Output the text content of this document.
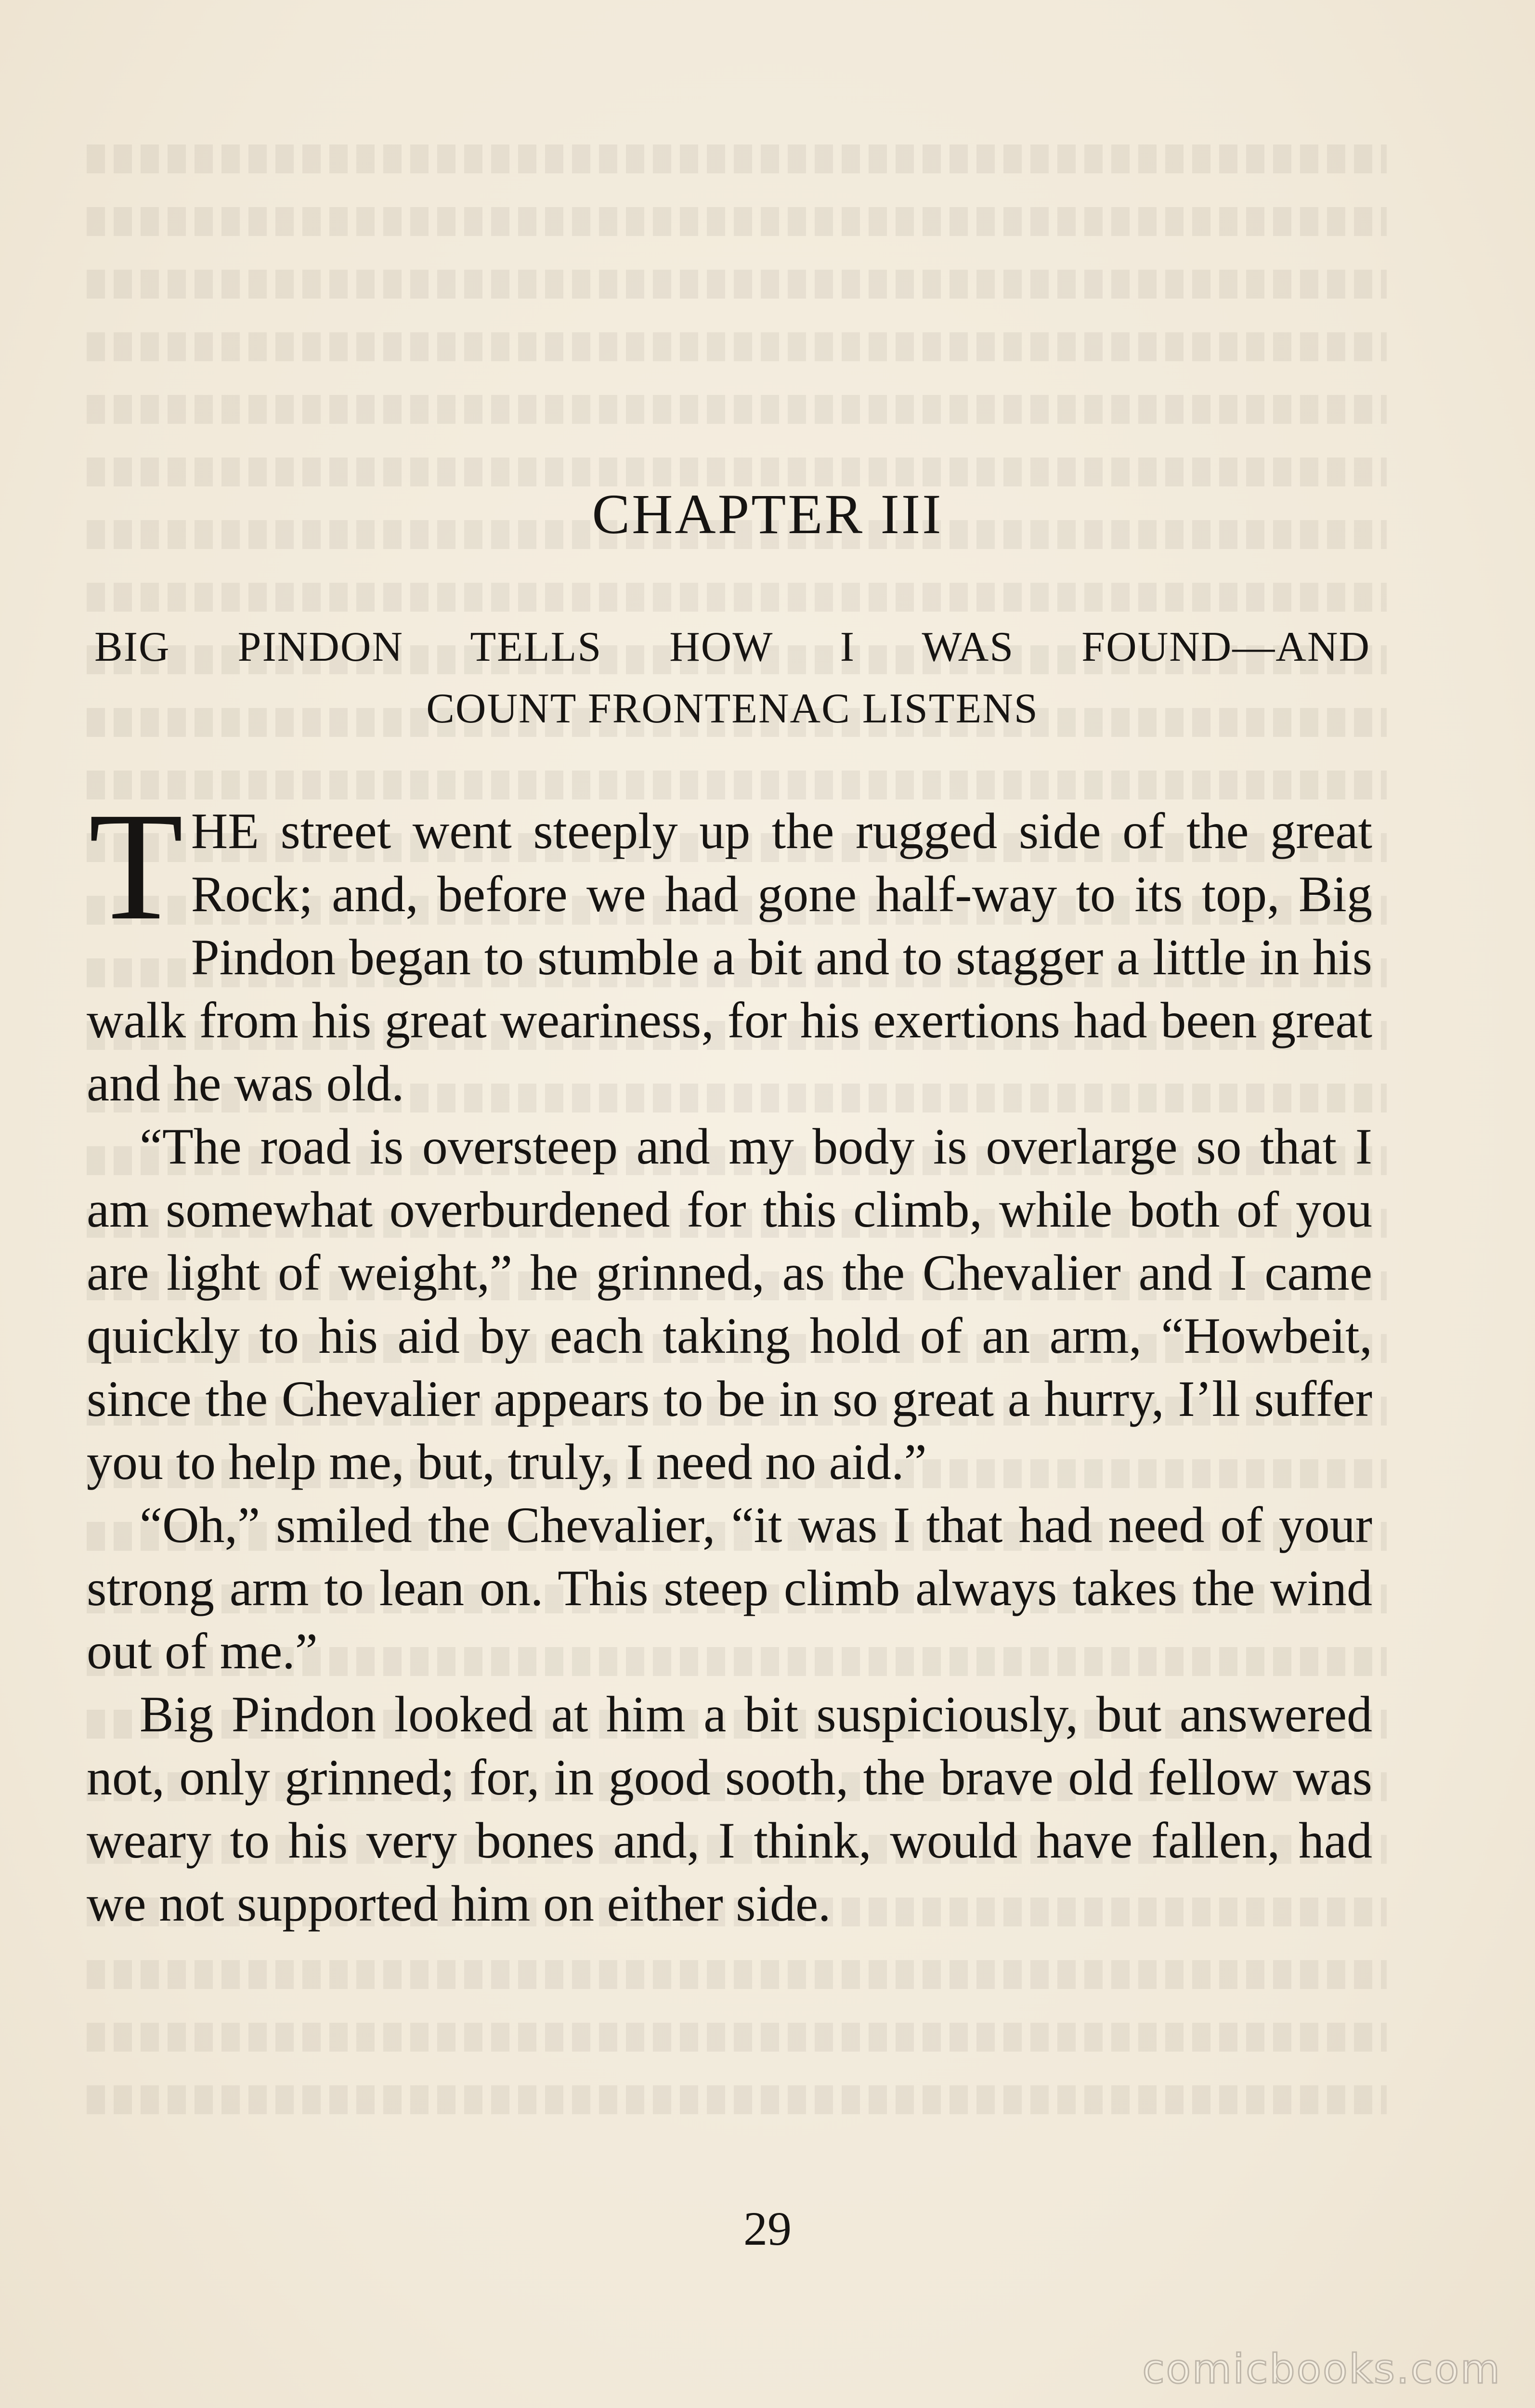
CHAPTER III
BIG PINDON TELLS HOW I WAS FOUND—AND
COUNT FRONTENAC LISTENS

THE street went steeply up the rugged side of the great Rock; and, before we had gone half-way to its top, Big Pindon began to stumble a bit and to stagger a little in his walk from his great weariness, for his exertions had been great and he was old.

“The road is oversteep and my body is overlarge so that I am somewhat overburdened for this climb, while both of you are light of weight,” he grinned, as the Chevalier and I came quickly to his aid by each taking hold of an arm, “Howbeit, since the Chevalier appears to be in so great a hurry, I’ll suffer you to help me, but, truly, I need no aid.”

“Oh,” smiled the Chevalier, “it was I that had need of your strong arm to lean on. This steep climb always takes the wind out of me.”

Big Pindon looked at him a bit suspiciously, but answered not, only grinned; for, in good sooth, the brave old fellow was weary to his very bones and, I think, would have fallen, had we not supported him on either side.

29
comicbooks.com
